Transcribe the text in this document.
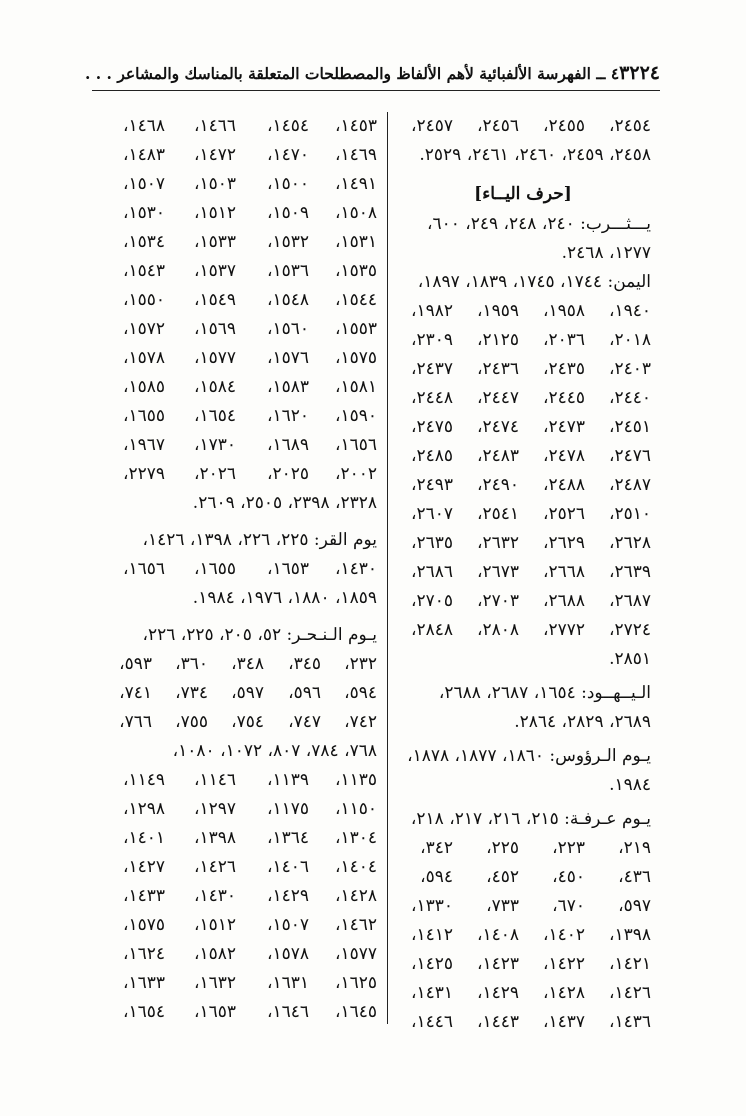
٣٢٢٤
٤ ــ الفهرسة الألفبائية لأهم الألفاظ والمصطلحات المتعلقة بالمناسك والمشاعر . . .
٢٤٥٤،
٢٤٥٥،
٢٤٥٦،
٢٤٥٧،
٢٤٥٨، ٢٤٥٩، ٢٤٦٠، ٢٤٦١، ٢٥٢٩.
[حرف اليــاء]
يـــثـــرب: ٢٤٠، ٢٤٨، ٢٤٩، ٦٠٠،
١٢٧٧، ٢٤٦٨.
اليمن: ١٧٤٤، ١٧٤٥، ١٨٣٩، ١٨٩٧،
١٩٤٠،
١٩٥٨،
١٩٥٩،
١٩٨٢،
٢٠١٨،
٢٠٣٦،
٢١٢٥،
٢٣٠٩،
٢٤٠٣،
٢٤٣٥،
٢٤٣٦،
٢٤٣٧،
٢٤٤٠،
٢٤٤٥،
٢٤٤٧،
٢٤٤٨،
٢٤٥١،
٢٤٧٣،
٢٤٧٤،
٢٤٧٥،
٢٤٧٦،
٢٤٧٨،
٢٤٨٣،
٢٤٨٥،
٢٤٨٧،
٢٤٨٨،
٢٤٩٠،
٢٤٩٣،
٢٥١٠،
٢٥٢٦،
٢٥٤١،
٢٦٠٧،
٢٦٢٨،
٢٦٢٩،
٢٦٣٢،
٢٦٣٥،
٢٦٣٩،
٢٦٦٨،
٢٦٧٣،
٢٦٨٦،
٢٦٨٧،
٢٦٨٨،
٢٧٠٣،
٢٧٠٥،
٢٧٢٤،
٢٧٧٢،
٢٨٠٨،
٢٨٤٨،
٢٨٥١.
الـيــهــود: ١٦٥٤، ٢٦٨٧، ٢٦٨٨،
٢٦٨٩، ٢٨٢٩، ٢٨٦٤.
يـوم الـرؤوس: ١٨٦٠، ١٨٧٧، ١٨٧٨،
١٩٨٤.
يـوم عـرفـة: ٢١٥، ٢١٦، ٢١٧، ٢١٨،
٢١٩،
٢٢٣،
٢٢٥،
٣٤٢،
٤٣٦،
٤٥٠،
٤٥٢،
٥٩٤،
٥٩٧،
٦٧٠،
٧٣٣،
١٣٣٠،
١٣٩٨،
١٤٠٢،
١٤٠٨،
١٤١٢،
١٤٢١،
١٤٢٢،
١٤٢٣،
١٤٢٥،
١٤٢٦،
١٤٢٨،
١٤٢٩،
١٤٣١،
١٤٣٦،
١٤٣٧،
١٤٤٣،
١٤٤٦،
١٤٥٣،
١٤٥٤،
١٤٦٦،
١٤٦٨،
١٤٦٩،
١٤٧٠،
١٤٧٢،
١٤٨٣،
١٤٩١،
١٥٠٠،
١٥٠٣،
١٥٠٧،
١٥٠٨،
١٥٠٩،
١٥١٢،
١٥٣٠،
١٥٣١،
١٥٣٢،
١٥٣٣،
١٥٣٤،
١٥٣٥،
١٥٣٦،
١٥٣٧،
١٥٤٣،
١٥٤٤،
١٥٤٨،
١٥٤٩،
١٥٥٠،
١٥٥٣،
١٥٦٠،
١٥٦٩،
١٥٧٢،
١٥٧٥،
١٥٧٦،
١٥٧٧،
١٥٧٨،
١٥٨١،
١٥٨٣،
١٥٨٤،
١٥٨٥،
١٥٩٠،
١٦٢٠،
١٦٥٤،
١٦٥٥،
١٦٥٦،
١٦٨٩،
١٧٣٠،
١٩٦٧،
٢٠٠٢،
٢٠٢٥،
٢٠٢٦،
٢٢٧٩،
٢٣٢٨، ٢٣٩٨، ٢٥٠٥، ٢٦٠٩.
يوم القر: ٢٢٥، ٢٢٦، ١٣٩٨، ١٤٢٦،
١٤٣٠،
١٦٥٣،
١٦٥٥،
١٦٥٦،
١٨٥٩، ١٨٨٠، ١٩٧٦، ١٩٨٤.
يـوم الـنـحـر: ٥٢، ٢٠٥، ٢٢٥، ٢٢٦،
٢٣٢،
٣٤٥،
٣٤٨،
٣٦٠،
٥٩٣،
٥٩٤،
٥٩٦،
٥٩٧،
٧٣٤،
٧٤١،
٧٤٢،
٧٤٧،
٧٥٤،
٧٥٥،
٧٦٦،
٧٦٨، ٧٨٤، ٨٠٧، ١٠٧٢، ١٠٨٠،
١١٣٥،
١١٣٩،
١١٤٦،
١١٤٩،
١١٥٠،
١١٧٥،
١٢٩٧،
١٢٩٨،
١٣٠٤،
١٣٦٤،
١٣٩٨،
١٤٠١،
١٤٠٤،
١٤٠٦،
١٤٢٦،
١٤٢٧،
١٤٢٨،
١٤٢٩،
١٤٣٠،
١٤٣٣،
١٤٦٢،
١٥٠٧،
١٥١٢،
١٥٧٥،
١٥٧٧،
١٥٧٨،
١٥٨٢،
١٦٢٤،
١٦٢٥،
١٦٣١،
١٦٣٢،
١٦٣٣،
١٦٤٥،
١٦٤٦،
١٦٥٣،
١٦٥٤،
